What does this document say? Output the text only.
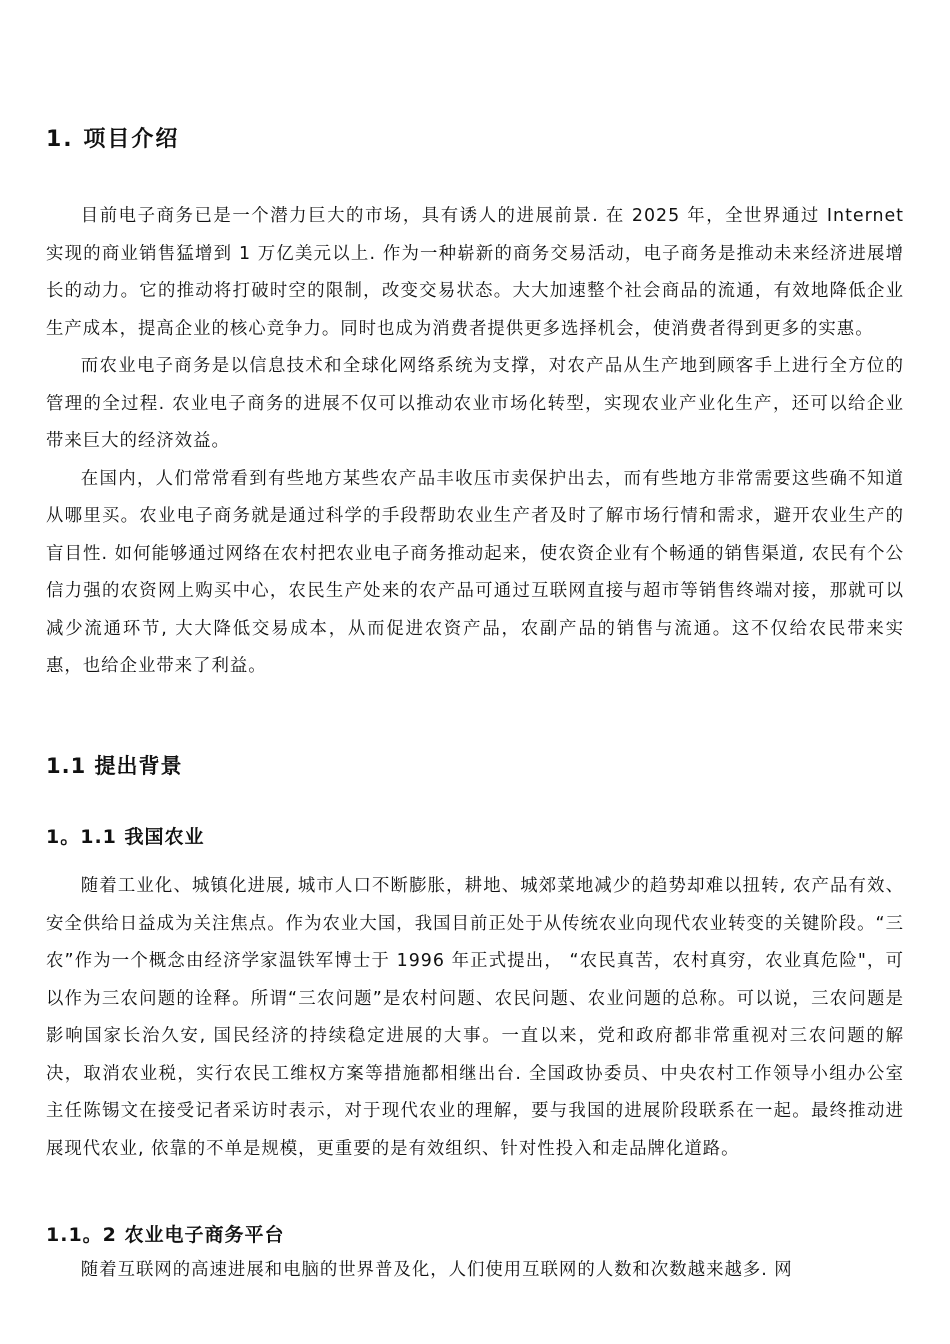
1. 项目介绍

目前电子商务已是一个潜力巨大的市场，具有诱人的进展前景. 在 2025 年，全世界通过 Internet 实现的商业销售猛增到 1 万亿美元以上. 作为一种崭新的商务交易活动，电子商务是推动未来经济进展增长的动力。它的推动将打破时空的限制，改变交易状态。大大加速整个社会商品的流通，有效地降低企业生产成本，提高企业的核心竞争力。同时也成为消费者提供更多选择机会，使消费者得到更多的实惠。

而农业电子商务是以信息技术和全球化网络系统为支撑，对农产品从生产地到顾客手上进行全方位的管理的全过程. 农业电子商务的进展不仅可以推动农业市场化转型，实现农业产业化生产，还可以给企业带来巨大的经济效益。

在国内，人们常常看到有些地方某些农产品丰收压市卖保护出去，而有些地方非常需要这些确不知道从哪里买。农业电子商务就是通过科学的手段帮助农业生产者及时了解市场行情和需求，避开农业生产的盲目性. 如何能够通过网络在农村把农业电子商务推动起来，使农资企业有个畅通的销售渠道, 农民有个公信力强的农资网上购买中心，农民生产处来的农产品可通过互联网直接与超市等销售终端对接，那就可以减少流通环节, 大大降低交易成本，从而促进农资产品，农副产品的销售与流通。这不仅给农民带来实惠，也给企业带来了利益。

1.1 提出背景
1。1.1 我国农业

随着工业化、城镇化进展, 城市人口不断膨胀，耕地、城郊菜地减少的趋势却难以扭转, 农产品有效、安全供给日益成为关注焦点。作为农业大国，我国目前正处于从传统农业向现代农业转变的关键阶段。“三农”作为一个概念由经济学家温铁军博士于 1996 年正式提出， “农民真苦，农村真穷，农业真危险"，可以作为三农问题的诠释。所谓“三农问题”是农村问题、农民问题、农业问题的总称。可以说，三农问题是影响国家长治久安, 国民经济的持续稳定进展的大事。一直以来，党和政府都非常重视对三农问题的解决，取消农业税，实行农民工维权方案等措施都相继出台. 全国政协委员、中央农村工作领导小组办公室主任陈锡文在接受记者采访时表示，对于现代农业的理解，要与我国的进展阶段联系在一起。最终推动进展现代农业, 依靠的不单是规模，更重要的是有效组织、针对性投入和走品牌化道路。

1.1。2 农业电子商务平台

随着互联网的高速进展和电脑的世界普及化，人们使用互联网的人数和次数越来越多. 网
